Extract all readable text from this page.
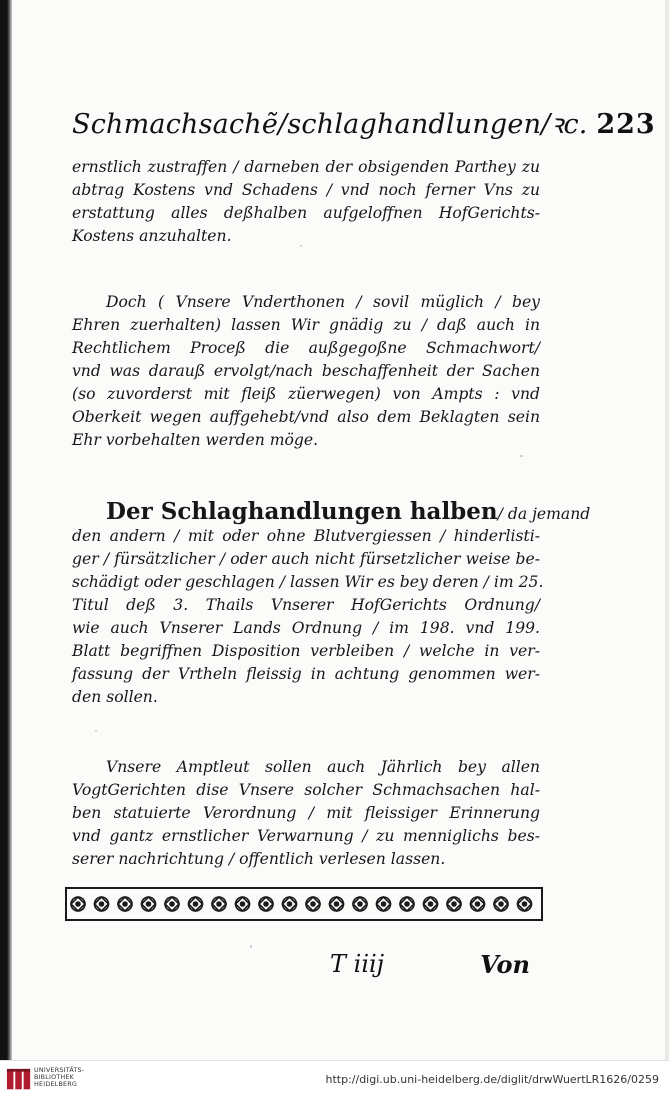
Schmachsachẽ/schlaghandlungen/ꝛc. 223
ernstlich zustraffen / darneben der obsigenden Parthey zu
abtrag Kostens vnd Schadens / vnd noch ferner Vns zu
erstattung alles deßhalben aufgeloffnen HofGerichts-
Kostens anzuhalten.
Doch ( Vnsere Vnderthonen / sovil müglich / bey
Ehren zuerhalten) lassen Wir gnädig zu / daß auch in
Rechtlichem Proceß die außgegoßne Schmachwort/
vnd was darauß ervolgt/nach beschaffenheit der Sachen
(so zuvorderst mit fleiß züerwegen) von Ampts : vnd
Oberkeit wegen auffgehebt/vnd also dem Beklagten sein
Ehr vorbehalten werden möge.
Der Schlaghandlungen halben/ da jemand
den andern / mit oder ohne Blutvergiessen / hinderlisti-
ger / fürsätzlicher / oder auch nicht fürsetzlicher weise be-
schädigt oder geschlagen / lassen Wir es bey deren / im 25.
Titul deß 3. Thails Vnserer HofGerichts Ordnung/
wie auch Vnserer Lands Ordnung / im 198. vnd 199.
Blatt begriffnen Disposition verbleiben / welche in ver-
fassung der Vrtheln fleissig in achtung genommen wer-
den sollen.
Vnsere Amptleut sollen auch Jährlich bey allen
VogtGerichten dise Vnsere solcher Schmachsachen hal-
ben statuierte Verordnung / mit fleissiger Erinnerung
vnd gantz ernstlicher Verwarnung / zu menniglichs bes-
serer nachrichtung / offentlich verlesen lassen.
T iiij	Von
UNIVERSITÄTS-
BIBLIOTHEK
HEIDELBERG	http://digi.ub.uni-heidelberg.de/diglit/drwWuertLR1626/0259
